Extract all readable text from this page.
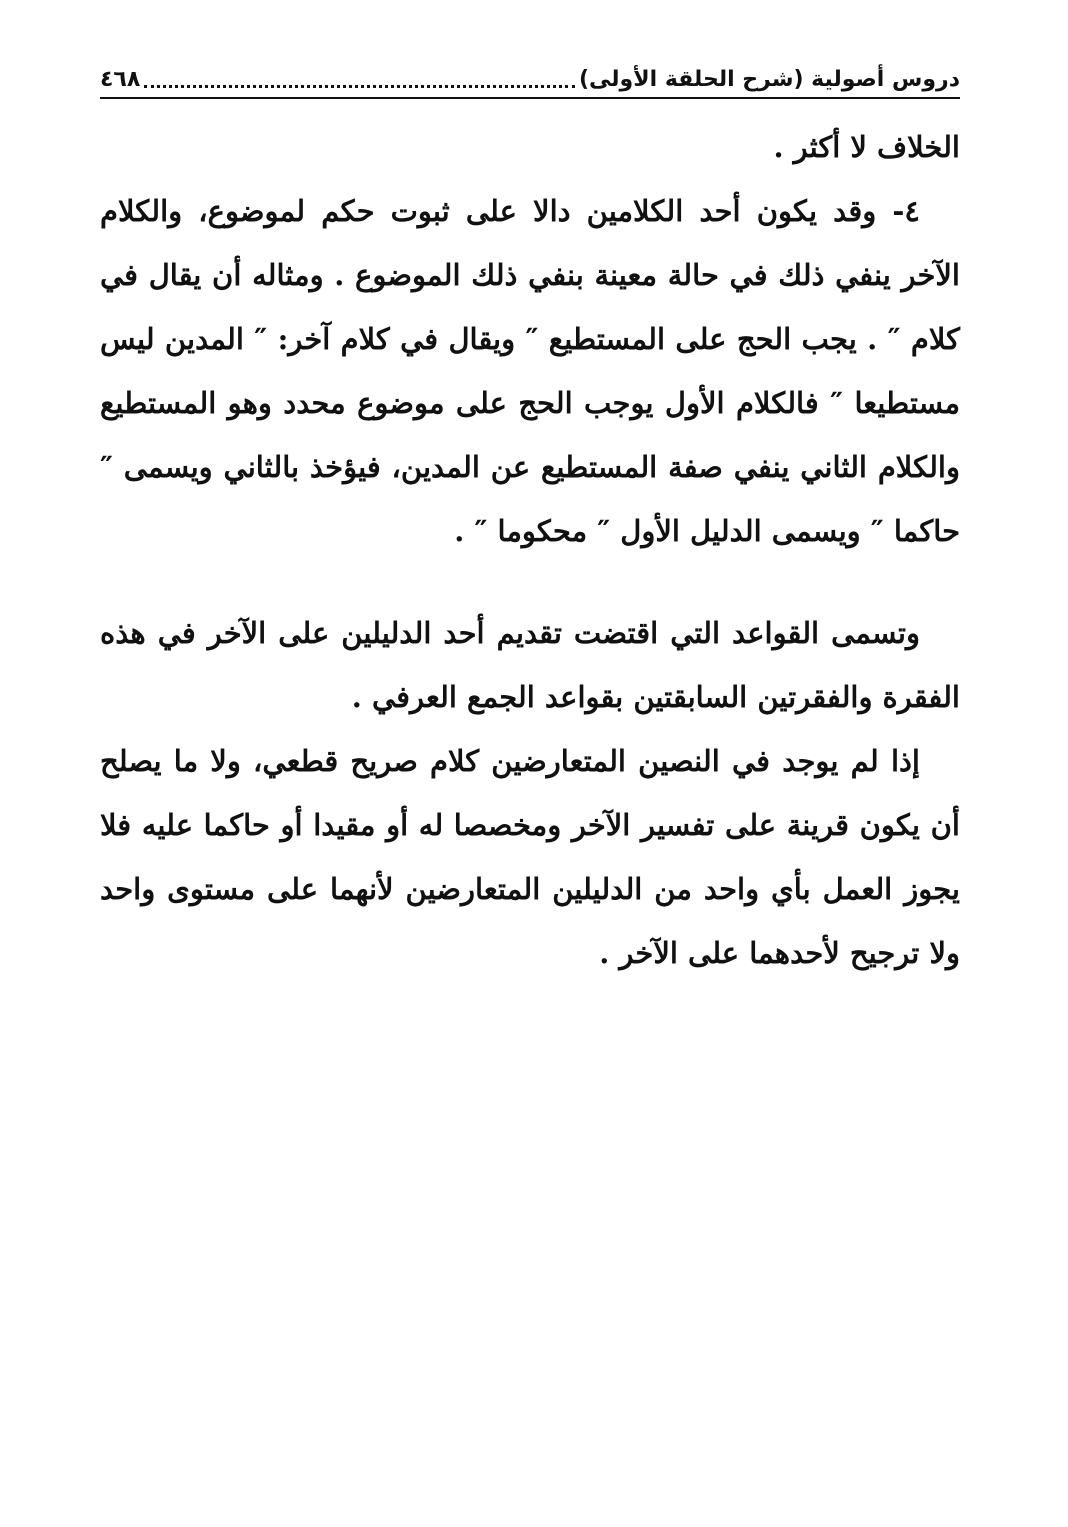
دروس أصولية (شرح الحلقة الأولى)
٤٦٨

الخلاف لا أكثر .

٤- وقد يكون أحد الكلامين دالا على ثبوت حكم لموضوع، والكلام الآخر ينفي ذلك في حالة معينة بنفي ذلك الموضوع . ومثاله أن يقال في كلام ″ . يجب الحج على المستطيع ″ ويقال في كلام آخر: ″ المدين ليس مستطيعا ″ فالكلام الأول يوجب الحج على موضوع محدد وهو المستطيع والكلام الثاني ينفي صفة المستطيع عن المدين، فيؤخذ بالثاني ويسمى ″ حاكما ″ ويسمى الدليل الأول ″ محكوما ″ .

وتسمى القواعد التي اقتضت تقديم أحد الدليلين على الآخر في هذه الفقرة والفقرتين السابقتين بقواعد الجمع العرفي .

إذا لم يوجد في النصين المتعارضين كلام صريح قطعي، ولا ما يصلح أن يكون قرينة على تفسير الآخر ومخصصا له أو مقيدا أو حاكما عليه فلا يجوز العمل بأي واحد من الدليلين المتعارضين لأنهما على مستوى واحد ولا ترجيح لأحدهما على الآخر .
